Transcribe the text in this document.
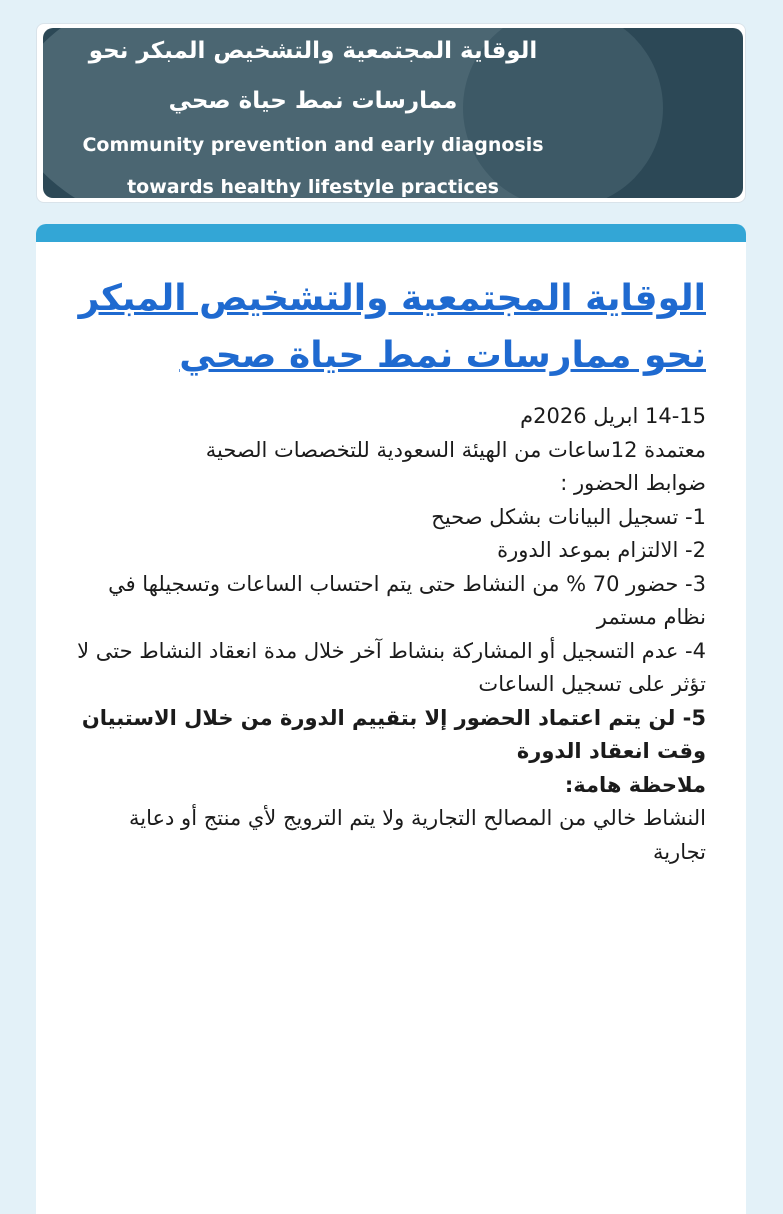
الوقاية المجتمعية والتشخيص المبكر نحو
ممارسات نمط حياة صحي
Community prevention and early diagnosis
towards healthy lifestyle practices
الوقاية المجتمعية والتشخيص المبكر نحو ممارسات نمط حياة صحي

14-15 ابريل 2026م

معتمدة 12ساعات من الهيئة السعودية للتخصصات الصحية

ضوابط الحضور :

1- تسجيل البيانات بشكل صحيح

2- الالتزام بموعد الدورة

3- حضور 70 % من النشاط حتى يتم احتساب الساعات وتسجيلها في نظام مستمر

4- عدم التسجيل أو المشاركة بنشاط آخر خلال مدة انعقاد النشاط حتى لا تؤثر على تسجيل الساعات

5- لن يتم اعتماد الحضور إلا بتقييم الدورة من خلال الاستبيان وقت انعقاد الدورة

ملاحظة هامة:

النشاط خالي من المصالح التجارية ولا يتم الترويج لأي منتج أو دعاية تجارية
